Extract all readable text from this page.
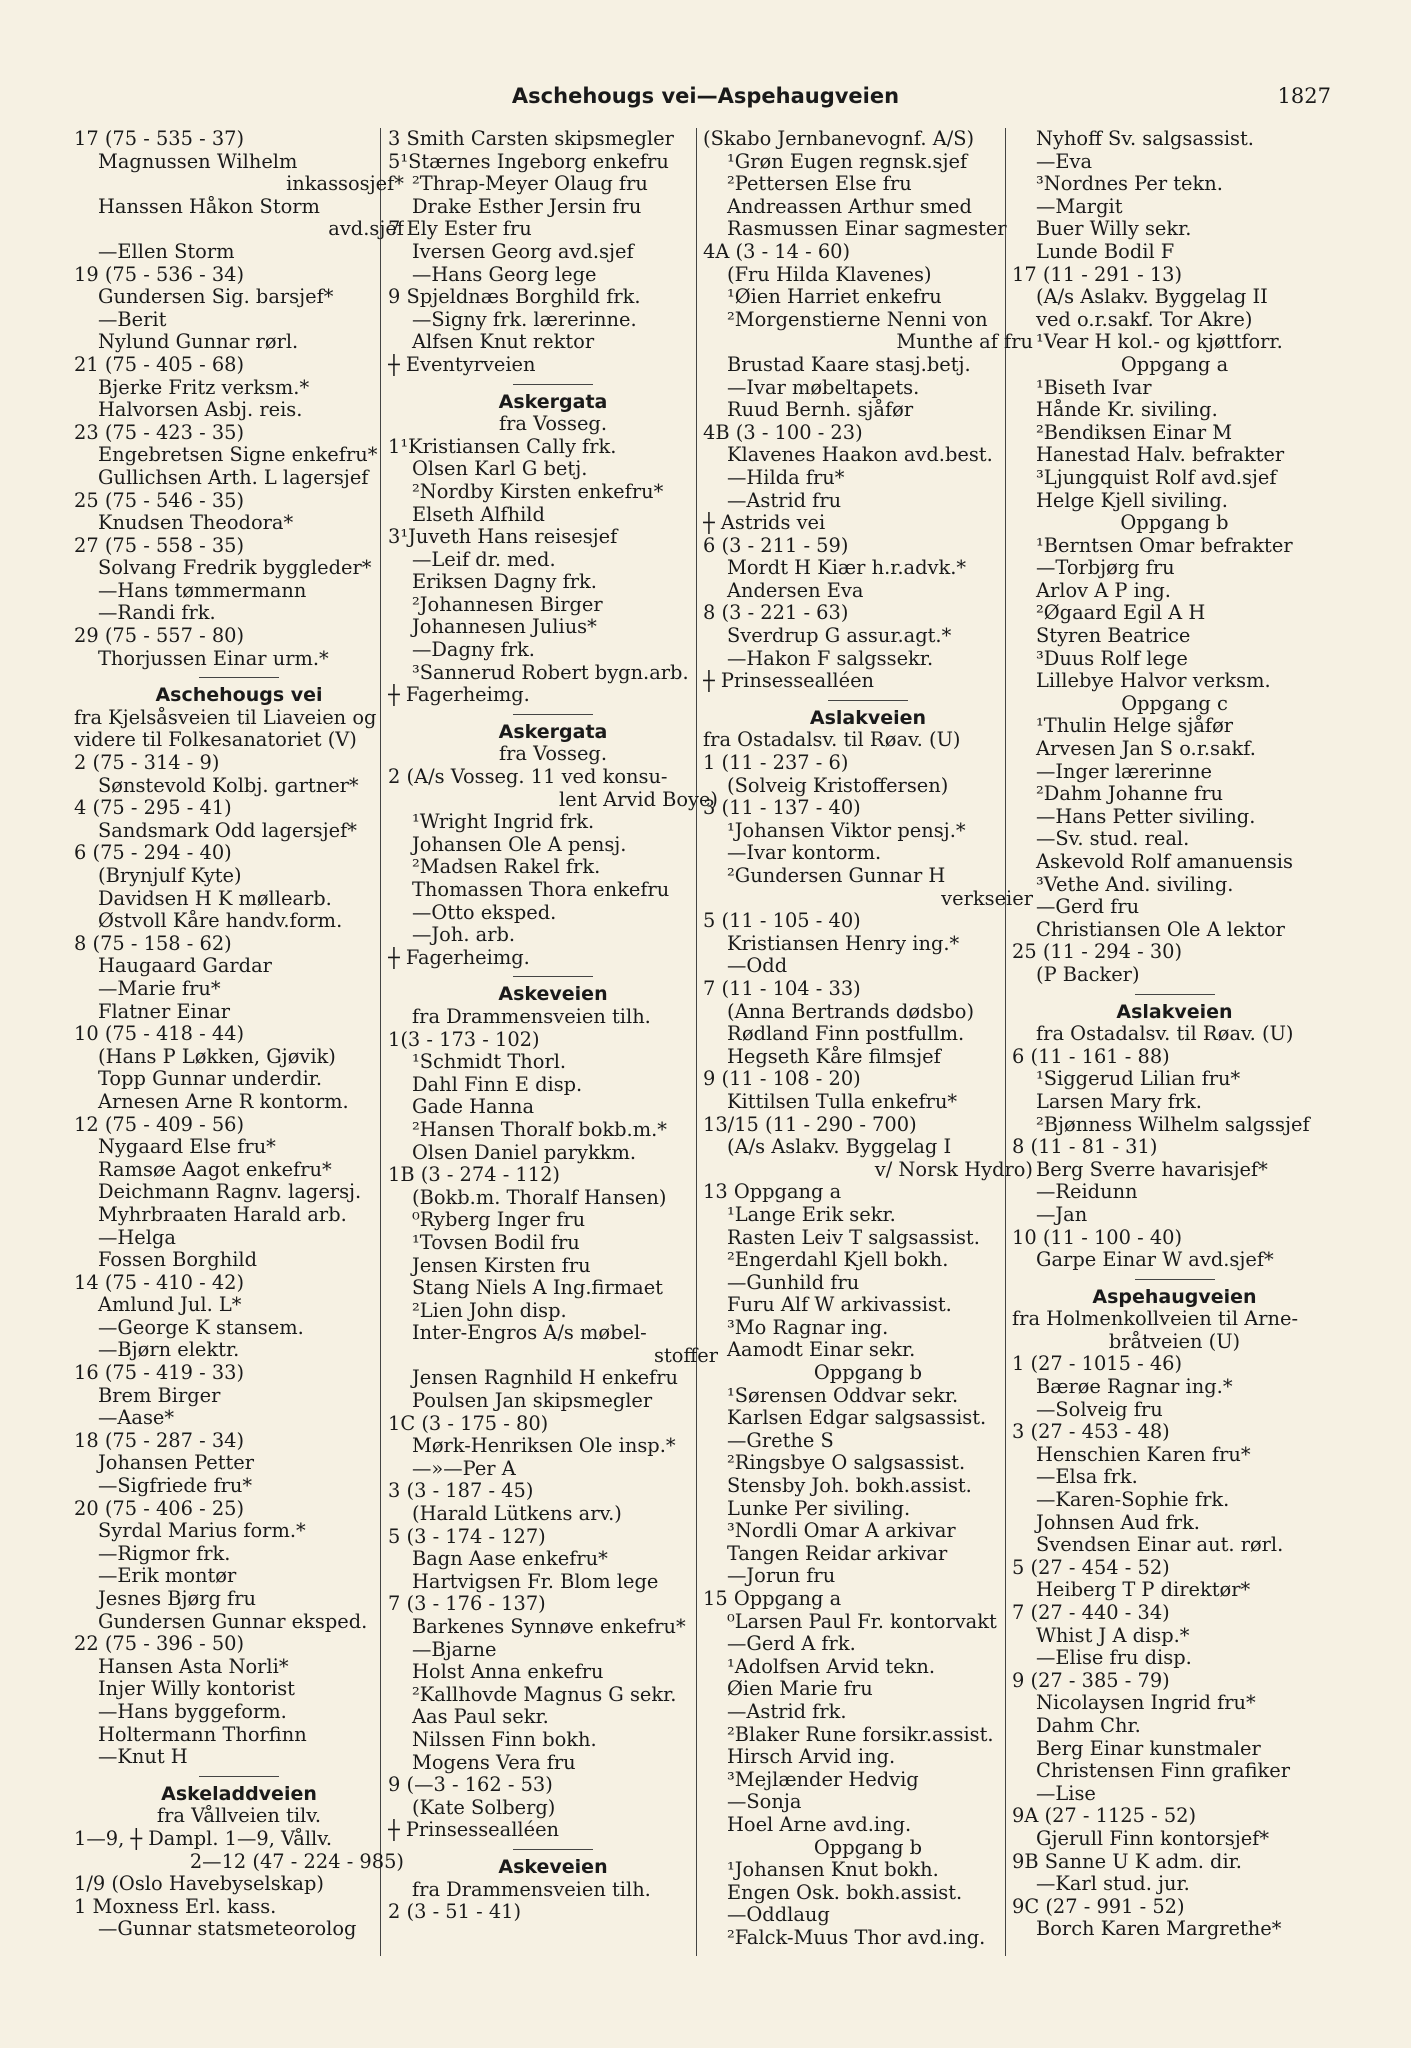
Aschehougs vei—Aspehaugveien	1827
17 (75 - 535 - 37)
Magnussen Wilhelm
inkassosjef*
Hanssen Håkon Storm
avd.sjef
—Ellen Storm
19 (75 - 536 - 34)
Gundersen Sig. barsjef*
—Berit
Nylund Gunnar rørl.
21 (75 - 405 - 68)
Bjerke Fritz verksm.*
Halvorsen Asbj. reis.
23 (75 - 423 - 35)
Engebretsen Signe enkefru*
Gullichsen Arth. L lagersjef
25 (75 - 546 - 35)
Knudsen Theodora*
27 (75 - 558 - 35)
Solvang Fredrik byggleder*
—Hans tømmermann
—Randi frk.
29 (75 - 557 - 80)
Thorjussen Einar urm.*
Aschehougs vei
fra Kjelsåsveien til Liaveien og
videre til Folkesanatoriet (V)
2 (75 - 314 - 9)
Sønstevold Kolbj. gartner*
4 (75 - 295 - 41)
Sandsmark Odd lagersjef*
6 (75 - 294 - 40)
(Brynjulf Kyte)
Davidsen H K møllearb.
Østvoll Kåre handv.form.
8 (75 - 158 - 62)
Haugaard Gardar
—Marie fru*
Flatner Einar
10 (75 - 418 - 44)
(Hans P Løkken, Gjøvik)
Topp Gunnar underdir.
Arnesen Arne R kontorm.
12 (75 - 409 - 56)
Nygaard Else fru*
Ramsøe Aagot enkefru*
Deichmann Ragnv. lagersj.
Myhrbraaten Harald arb.
—Helga
Fossen Borghild
14 (75 - 410 - 42)
Amlund Jul. L*
—George K stansem.
—Bjørn elektr.
16 (75 - 419 - 33)
Brem Birger
—Aase*
18 (75 - 287 - 34)
Johansen Petter
—Sigfriede fru*
20 (75 - 406 - 25)
Syrdal Marius form.*
—Rigmor frk.
—Erik montør
Jesnes Bjørg fru
Gundersen Gunnar eksped.
22 (75 - 396 - 50)
Hansen Asta Norli*
Injer Willy kontorist
—Hans byggeform.
Holtermann Thorfinn
—Knut H
Askeladdveien
fra Vållveien tilv.
1—9, ┼ Dampl. 1—9, Vållv.
2—12 (47 - 224 - 985)
1/9 (Oslo Havebyselskap)
1 Moxness Erl. kass.
—Gunnar statsmeteorolog
3 Smith Carsten skipsmegler
5¹Stærnes Ingeborg enkefru
²Thrap-Meyer Olaug fru
Drake Esther Jersin fru
7 Ely Ester fru
Iversen Georg avd.sjef
—Hans Georg lege
9 Spjeldnæs Borghild frk.
—Signy frk. lærerinne.
Alfsen Knut rektor
┼ Eventyrveien
Askergata
fra Vosseg.
1¹Kristiansen Cally frk.
Olsen Karl G betj.
²Nordby Kirsten enkefru*
Elseth Alfhild
3¹Juveth Hans reisesjef
—Leif dr. med.
Eriksen Dagny frk.
²Johannesen Birger
Johannesen Julius*
—Dagny frk.
³Sannerud Robert bygn.arb.
┼ Fagerheimg.
Askergata
fra Vosseg.
2 (A/s Vosseg. 11 ved konsu-
lent Arvid Boye)
¹Wright Ingrid frk.
Johansen Ole A pensj.
²Madsen Rakel frk.
Thomassen Thora enkefru
—Otto eksped.
—Joh. arb.
┼ Fagerheimg.
Askeveien
fra Drammensveien tilh.
1(3 - 173 - 102)
¹Schmidt Thorl.
Dahl Finn E disp.
Gade Hanna
²Hansen Thoralf bokb.m.*
Olsen Daniel parykkm.
1B (3 - 274 - 112)
(Bokb.m. Thoralf Hansen)
⁰Ryberg Inger fru
¹Tovsen Bodil fru
Jensen Kirsten fru
Stang Niels A Ing.firmaet
²Lien John disp.
Inter-Engros A/s møbel-
stoffer
Jensen Ragnhild H enkefru
Poulsen Jan skipsmegler
1C (3 - 175 - 80)
Mørk-Henriksen Ole insp.*
—»—Per A
3 (3 - 187 - 45)
(Harald Lütkens arv.)
5 (3 - 174 - 127)
Bagn Aase enkefru*
Hartvigsen Fr. Blom lege
7 (3 - 176 - 137)
Barkenes Synnøve enkefru*
—Bjarne
Holst Anna enkefru
²Kallhovde Magnus G sekr.
Aas Paul sekr.
Nilssen Finn bokh.
Mogens Vera fru
9 (—3 - 162 - 53)
(Kate Solberg)
┼ Prinsessealléen
Askeveien
fra Drammensveien tilh.
2 (3 - 51 - 41)
(Skabo Jernbanevognf. A/S)
¹Grøn Eugen regnsk.sjef
²Pettersen Else fru
Andreassen Arthur smed
Rasmussen Einar sagmester
4A (3 - 14 - 60)
(Fru Hilda Klavenes)
¹Øien Harriet enkefru
²Morgenstierne Nenni von
Munthe af fru
Brustad Kaare stasj.betj.
—Ivar møbeltapets.
Ruud Bernh. sjåfør
4B (3 - 100 - 23)
Klavenes Haakon avd.best.
—Hilda fru*
—Astrid fru
┼ Astrids vei
6 (3 - 211 - 59)
Mordt H Kiær h.r.advk.*
Andersen Eva
8 (3 - 221 - 63)
Sverdrup G assur.agt.*
—Hakon F salgssekr.
┼ Prinsessealléen
Aslakveien
fra Ostadalsv. til Røav. (U)
1 (11 - 237 - 6)
(Solveig Kristoffersen)
3 (11 - 137 - 40)
¹Johansen Viktor pensj.*
—Ivar kontorm.
²Gundersen Gunnar H
verkseier
5 (11 - 105 - 40)
Kristiansen Henry ing.*
—Odd
7 (11 - 104 - 33)
(Anna Bertrands dødsbo)
Rødland Finn postfullm.
Hegseth Kåre filmsjef
9 (11 - 108 - 20)
Kittilsen Tulla enkefru*
13/15 (11 - 290 - 700)
(A/s Aslakv. Byggelag I
v/ Norsk Hydro)
13 Oppgang a
¹Lange Erik sekr.
Rasten Leiv T salgsassist.
²Engerdahl Kjell bokh.
—Gunhild fru
Furu Alf W arkivassist.
³Mo Ragnar ing.
Aamodt Einar sekr.
Oppgang b
¹Sørensen Oddvar sekr.
Karlsen Edgar salgsassist.
—Grethe S
²Ringsbye O salgsassist.
Stensby Joh. bokh.assist.
Lunke Per siviling.
³Nordli Omar A arkivar
Tangen Reidar arkivar
—Jorun fru
15 Oppgang a
⁰Larsen Paul Fr. kontorvakt
—Gerd A frk.
¹Adolfsen Arvid tekn.
Øien Marie fru
—Astrid frk.
²Blaker Rune forsikr.assist.
Hirsch Arvid ing.
³Mejlænder Hedvig
—Sonja
Hoel Arne avd.ing.
Oppgang b
¹Johansen Knut bokh.
Engen Osk. bokh.assist.
—Oddlaug
²Falck-Muus Thor avd.ing.
Nyhoff Sv. salgsassist.
—Eva
³Nordnes Per tekn.
—Margit
Buer Willy sekr.
Lunde Bodil F
17 (11 - 291 - 13)
(A/s Aslakv. Byggelag II
ved o.r.sakf. Tor Akre)
¹Vear H kol.- og kjøttforr.
Oppgang a
¹Biseth Ivar
Hånde Kr. siviling.
²Bendiksen Einar M
Hanestad Halv. befrakter
³Ljungquist Rolf avd.sjef
Helge Kjell siviling.
Oppgang b
¹Berntsen Omar befrakter
—Torbjørg fru
Arlov A P ing.
²Øgaard Egil A H
Styren Beatrice
³Duus Rolf lege
Lillebye Halvor verksm.
Oppgang c
¹Thulin Helge sjåfør
Arvesen Jan S o.r.sakf.
—Inger lærerinne
²Dahm Johanne fru
—Hans Petter siviling.
—Sv. stud. real.
Askevold Rolf amanuensis
³Vethe And. siviling.
—Gerd fru
Christiansen Ole A lektor
25 (11 - 294 - 30)
(P Backer)
Aslakveien
fra Ostadalsv. til Røav. (U)
6 (11 - 161 - 88)
¹Siggerud Lilian fru*
Larsen Mary frk.
²Bjønness Wilhelm salgssjef
8 (11 - 81 - 31)
Berg Sverre havarisjef*
—Reidunn
—Jan
10 (11 - 100 - 40)
Garpe Einar W avd.sjef*
Aspehaugveien
fra Holmenkollveien til Arne-
bråtveien (U)
1 (27 - 1015 - 46)
Bærøe Ragnar ing.*
—Solveig fru
3 (27 - 453 - 48)
Henschien Karen fru*
—Elsa frk.
—Karen-Sophie frk.
Johnsen Aud frk.
Svendsen Einar aut. rørl.
5 (27 - 454 - 52)
Heiberg T P direktør*
7 (27 - 440 - 34)
Whist J A disp.*
—Elise fru disp.
9 (27 - 385 - 79)
Nicolaysen Ingrid fru*
Dahm Chr.
Berg Einar kunstmaler
Christensen Finn grafiker
—Lise
9A (27 - 1125 - 52)
Gjerull Finn kontorsjef*
9B Sanne U K adm. dir.
—Karl stud. jur.
9C (27 - 991 - 52)
Borch Karen Margrethe*
